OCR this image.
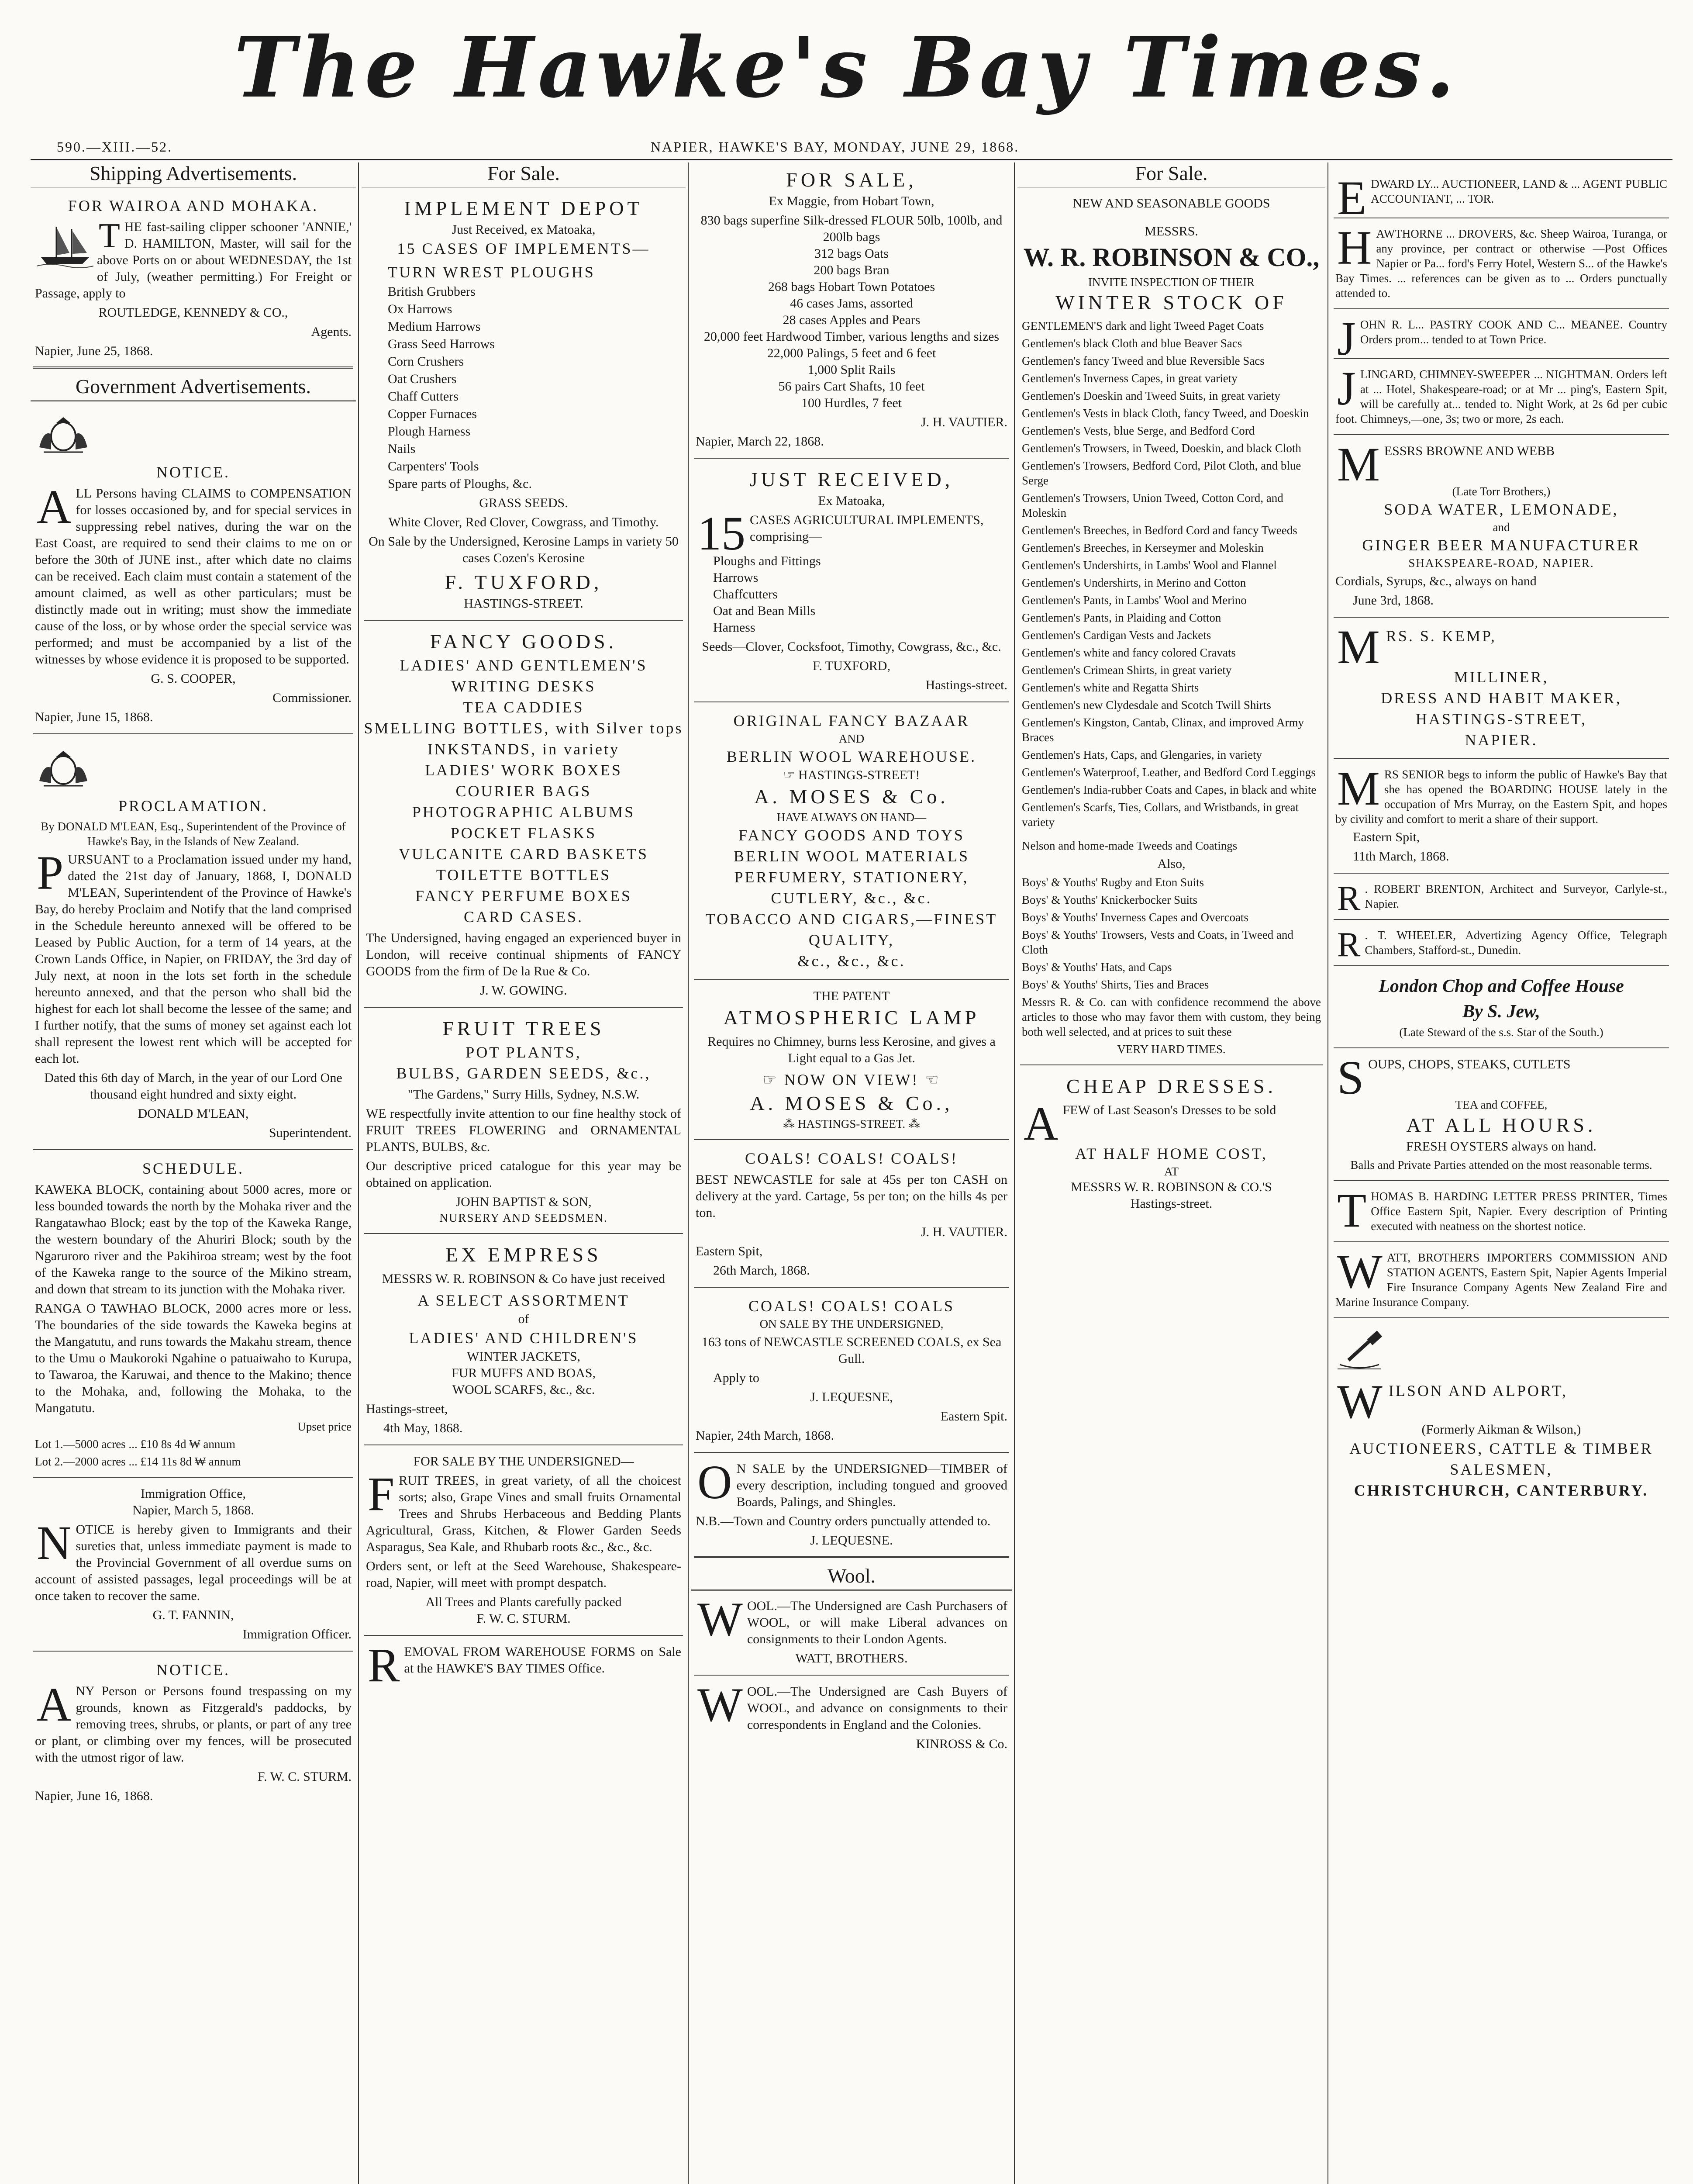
The Hawke's Bay Times.
590.—XIII.—52.	NAPIER, HAWKE'S BAY, MONDAY, JUNE 29, 1868.
Shipping Advertisements.
FOR WAIROA AND MOHAKA.
THE fast-sailing clipper schooner 'ANNIE,' D. HAMILTON, Master, will sail for the above Ports on or about WEDNESDAY, the 1st of July, (weather permitting.) For Freight or Passage, apply to
ROUTLEDGE, KENNEDY & CO.,
Agents.
Napier, June 25, 1868.
Government Advertisements.
NOTICE.
ALL Persons having CLAIMS to COMPENSATION for losses occasioned by, and for special services in suppressing rebel natives, during the war on the East Coast, are required to send their claims to me on or before the 30th of JUNE inst., after which date no claims can be received. Each claim must contain a statement of the amount claimed, as well as other particulars; must be distinctly made out in writing; must show the immediate cause of the loss, or by whose order the special service was performed; and must be accompanied by a list of the witnesses by whose evidence it is proposed to be supported.
G. S. COOPER,
Commissioner.
Napier, June 15, 1868.
PROCLAMATION.
By DONALD M'LEAN, Esq., Superintendent of the Province of Hawke's Bay, in the Islands of New Zealand.
PURSUANT to a Proclamation issued under my hand, dated the 21st day of January, 1868, I, DONALD M'LEAN, Superintendent of the Province of Hawke's Bay, do hereby Proclaim and Notify that the land comprised in the Schedule hereunto annexed will be offered to be Leased by Public Auction, for a term of 14 years, at the Crown Lands Office, in Napier, on FRIDAY, the 3rd day of July next, at noon in the lots set forth in the schedule hereunto annexed, and that the person who shall bid the highest for each lot shall become the lessee of the same; and I further notify, that the sums of money set against each lot shall represent the lowest rent which will be accepted for each lot.
Dated this 6th day of March, in the year of our Lord One thousand eight hundred and sixty eight.
DONALD M'LEAN,
Superintendent.
SCHEDULE.
KAWEKA BLOCK, containing about 5000 acres, more or less bounded towards the north by the Mohaka river and the Rangatawhao Block; east by the top of the Kaweka Range, the western boundary of the Ahuriri Block; south by the Ngaruroro river and the Pakihiroa stream; west by the foot of the Kaweka range to the source of the Mikino stream, and down that stream to its junction with the Mohaka river.
RANGA O TAWHAO BLOCK, 2000 acres more or less. The boundaries of the side towards the Kaweka begins at the Mangatutu, and runs towards the Makahu stream, thence to the Umu o Maukoroki Ngahine o patuaiwaho to Kurupa, to Tawaroa, the Karuwai, and thence to the Makino; thence to the Mohaka, and, following the Mohaka, to the Mangatutu.
Upset price
Lot 1.—5000 acres ... £10 8s 4d ₩ annum
Lot 2.—2000 acres ... £14 11s 8d ₩ annum
Immigration Office,
Napier, March 5, 1868.
NOTICE is hereby given to Immigrants and their sureties that, unless immediate payment is made to the Provincial Government of all overdue sums on account of assisted passages, legal proceedings will be at once taken to recover the same.
G. T. FANNIN,
Immigration Officer.
NOTICE.
ANY Person or Persons found trespassing on my grounds, known as Fitzgerald's paddocks, by removing trees, shrubs, or plants, or part of any tree or plant, or climbing over my fences, will be prosecuted with the utmost rigor of law.
F. W. C. STURM.
Napier, June 16, 1868.
For Sale.
IMPLEMENT DEPOT
Just Received, ex Matoaka,
15 CASES OF IMPLEMENTS—
TURN WREST PLOUGHS
British Grubbers
Ox Harrows
Medium Harrows
Grass Seed Harrows
Corn Crushers
Oat Crushers
Chaff Cutters
Copper Furnaces
Plough Harness
Nails
Carpenters' Tools
Spare parts of Ploughs, &c.
GRASS SEEDS.
White Clover, Red Clover, Cowgrass, and Timothy.
On Sale by the Undersigned, Kerosine Lamps in variety 50 cases Cozen's Kerosine
F. TUXFORD,
HASTINGS-STREET.
FANCY GOODS.
LADIES' AND GENTLEMEN'S
WRITING DESKS
TEA CADDIES
SMELLING BOTTLES, with Silver tops
INKSTANDS, in variety
LADIES' WORK BOXES
COURIER BAGS
PHOTOGRAPHIC ALBUMS
POCKET FLASKS
VULCANITE CARD BASKETS
TOILETTE BOTTLES
FANCY PERFUME BOXES
CARD CASES.
The Undersigned, having engaged an experienced buyer in London, will receive continual shipments of FANCY GOODS from the firm of De la Rue & Co.
J. W. GOWING.
FRUIT TREES
POT PLANTS,
BULBS, GARDEN SEEDS, &c.,
"The Gardens," Surry Hills, Sydney, N.S.W.
WE respectfully invite attention to our fine healthy stock of FRUIT TREES FLOWERING and ORNAMENTAL PLANTS, BULBS, &c.
Our descriptive priced catalogue for this year may be obtained on application.
JOHN BAPTIST & SON,
NURSERY AND SEEDSMEN.
EX EMPRESS
MESSRS W. R. ROBINSON & Co have just received
A SELECT ASSORTMENT
of
LADIES' AND CHILDREN'S
WINTER JACKETS,
FUR MUFFS AND BOAS,
WOOL SCARFS, &c., &c.
Hastings-street,
4th May, 1868.
FOR SALE BY THE UNDERSIGNED—
FRUIT TREES, in great variety, of all the choicest sorts; also, Grape Vines and small fruits Ornamental Trees and Shrubs Herbaceous and Bedding Plants Agricultural, Grass, Kitchen, & Flower Garden Seeds Asparagus, Sea Kale, and Rhubarb roots &c., &c., &c.
Orders sent, or left at the Seed Warehouse, Shakespeare-road, Napier, will meet with prompt despatch.
All Trees and Plants carefully packed
F. W. C. STURM.
REMOVAL FROM WAREHOUSE FORMS on Sale at the HAWKE'S BAY TIMES Office.
FOR SALE,
Ex Maggie, from Hobart Town,
830 bags superfine Silk-dressed FLOUR 50lb, 100lb, and 200lb bags
312 bags Oats
200 bags Bran
268 bags Hobart Town Potatoes
46 cases Jams, assorted
28 cases Apples and Pears
20,000 feet Hardwood Timber, various lengths and sizes
22,000 Palings, 5 feet and 6 feet
1,000 Split Rails
56 pairs Cart Shafts, 10 feet
100 Hurdles, 7 feet
J. H. VAUTIER.
Napier, March 22, 1868.
JUST RECEIVED,
Ex Matoaka,
15 CASES AGRICULTURAL IMPLEMENTS, comprising—
Ploughs and Fittings
Harrows
Chaffcutters
Oat and Bean Mills
Harness
Seeds—Clover, Cocksfoot, Timothy, Cowgrass, &c., &c.
F. TUXFORD,
Hastings-street.
ORIGINAL FANCY BAZAAR
AND
BERLIN WOOL WAREHOUSE.
☞ HASTINGS-STREET!
A. MOSES & Co.
HAVE ALWAYS ON HAND—
FANCY GOODS AND TOYS
BERLIN WOOL MATERIALS
PERFUMERY, STATIONERY, CUTLERY, &c., &c.
TOBACCO AND CIGARS,—FINEST QUALITY,
&c., &c., &c.
THE PATENT
ATMOSPHERIC LAMP
Requires no Chimney, burns less Kerosine, and gives a Light equal to a Gas Jet.
☞ NOW ON VIEW! ☜
A. MOSES & Co.,
⁂ HASTINGS-STREET. ⁂
COALS! COALS! COALS!
BEST NEWCASTLE for sale at 45s per ton CASH on delivery at the yard. Cartage, 5s per ton; on the hills 4s per ton.
J. H. VAUTIER.
Eastern Spit,
26th March, 1868.
COALS! COALS! COALS
ON SALE BY THE UNDERSIGNED,
163 tons of NEWCASTLE SCREENED COALS, ex Sea Gull.
Apply to
J. LEQUESNE,
Eastern Spit.
Napier, 24th March, 1868.
O N SALE by the UNDERSIGNED—TIMBER of every description, including tongued and grooved Boards, Palings, and Shingles.
N.B.—Town and Country orders punctually attended to.
J. LEQUESNE.
Wool.
WOOL.—The Undersigned are Cash Purchasers of WOOL, or will make Liberal advances on consignments to their London Agents.
WATT, BROTHERS.
WOOL.—The Undersigned are Cash Buyers of WOOL, and advance on consignments to their correspondents in England and the Colonies.
KINROSS & Co.
For Sale.
NEW AND SEASONABLE GOODS
MESSRS.
W. R. ROBINSON & CO.,
INVITE INSPECTION OF THEIR
WINTER STOCK OF
GENTLEMEN'S dark and light Tweed Paget Coats
Gentlemen's black Cloth and blue Beaver Sacs
Gentlemen's fancy Tweed and blue Reversible Sacs
Gentlemen's Inverness Capes, in great variety
Gentlemen's Doeskin and Tweed Suits, in great variety
Gentlemen's Vests in black Cloth, fancy Tweed, and Doeskin
Gentlemen's Vests, blue Serge, and Bedford Cord
Gentlemen's Trowsers, in Tweed, Doeskin, and black Cloth
Gentlemen's Trowsers, Bedford Cord, Pilot Cloth, and blue Serge
Gentlemen's Trowsers, Union Tweed, Cotton Cord, and Moleskin
Gentlemen's Breeches, in Bedford Cord and fancy Tweeds
Gentlemen's Breeches, in Kerseymer and Moleskin
Gentlemen's Undershirts, in Lambs' Wool and Flannel
Gentlemen's Undershirts, in Merino and Cotton
Gentlemen's Pants, in Lambs' Wool and Merino
Gentlemen's Pants, in Plaiding and Cotton
Gentlemen's Cardigan Vests and Jackets
Gentlemen's white and fancy colored Cravats
Gentlemen's Crimean Shirts, in great variety
Gentlemen's white and Regatta Shirts
Gentlemen's new Clydesdale and Scotch Twill Shirts
Gentlemen's Kingston, Cantab, Clinax, and improved Army Braces
Gentlemen's Hats, Caps, and Glengaries, in variety
Gentlemen's Waterproof, Leather, and Bedford Cord Leggings
Gentlemen's India-rubber Coats and Capes, in black and white
Gentlemen's Scarfs, Ties, Collars, and Wristbands, in great variety
Nelson and home-made Tweeds and Coatings
Also,
Boys' & Youths' Rugby and Eton Suits
Boys' & Youths' Knickerbocker Suits
Boys' & Youths' Inverness Capes and Overcoats
Boys' & Youths' Trowsers, Vests and Coats, in Tweed and Cloth
Boys' & Youths' Hats, and Caps
Boys' & Youths' Shirts, Ties and Braces
Messrs R. & Co. can with confidence recommend the above articles to those who may favor them with custom, they being both well selected, and at prices to suit these
VERY HARD TIMES.
CHEAP DRESSES.
AFEW of Last Season's Dresses to be sold
AT HALF HOME COST,
AT
MESSRS W. R. ROBINSON & CO.'S
Hastings-street.
EDWARD LY... AUCTIONEER, LAND & ... AGENT PUBLIC ACCOUNTANT, ... TOR.
HAWTHORNE ... DROVERS, &c. Sheep Wairoa, Turanga, or any province, per contract or otherwise —Post Offices Napier or Pa... ford's Ferry Hotel, Western S... of the Hawke's Bay Times. ... references can be given as to ... Orders punctually attended to.
JOHN R. L... PASTRY COOK AND C... MEANEE. Country Orders prom... tended to at Town Price.
JLINGARD, CHIMNEY-SWEEPER ... NIGHTMAN. Orders left at ... Hotel, Shakespeare-road; or at Mr ... ping's, Eastern Spit, will be carefully at... tended to. Night Work, at 2s 6d per cubic foot. Chimneys,—one, 3s; two or more, 2s each.
MESSRS BROWNE AND WEBB
(Late Torr Brothers,)
SODA WATER, LEMONADE,
and
GINGER BEER MANUFACTURER
SHAKSPEARE-ROAD, NAPIER.
Cordials, Syrups, &c., always on hand
June 3rd, 1868.
MRS. S. KEMP,
MILLINER,
DRESS AND HABIT MAKER,
HASTINGS-STREET,
NAPIER.
MRS SENIOR begs to inform the public of Hawke's Bay that she has opened the BOARDING HOUSE lately in the occupation of Mrs Murray, on the Eastern Spit, and hopes by civility and comfort to merit a share of their support.
Eastern Spit,
11th March, 1868.
R . ROBERT BRENTON, Architect and Surveyor, Carlyle-st., Napier.
R . T. WHEELER, Advertizing Agency Office, Telegraph Chambers, Stafford-st., Dunedin.
London Chop and Coffee House
By S. Jew,
(Late Steward of the s.s. Star of the South.)
SOUPS, CHOPS, STEAKS, CUTLETS
TEA and COFFEE,
AT ALL HOURS.
FRESH OYSTERS always on hand.
Balls and Private Parties attended on the most reasonable terms.
THOMAS B. HARDING LETTER PRESS PRINTER, Times Office Eastern Spit, Napier. Every description of Printing executed with neatness on the shortest notice.
WATT, BROTHERS IMPORTERS COMMISSION AND STATION AGENTS, Eastern Spit, Napier Agents Imperial Fire Insurance Company Agents New Zealand Fire and Marine Insurance Company.
WILSON AND ALPORT,
(Formerly Aikman & Wilson,)
AUCTIONEERS, CATTLE & TIMBER
SALESMEN,
CHRISTCHURCH, CANTERBURY.
